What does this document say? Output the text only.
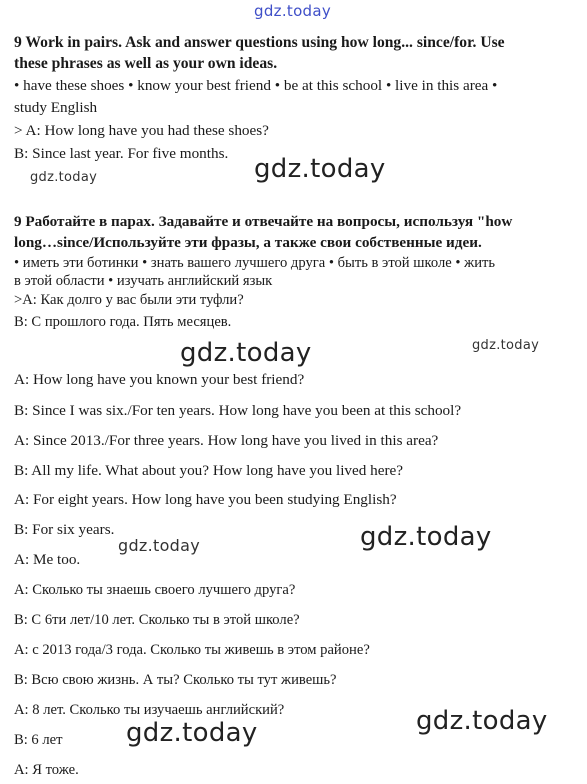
gdz.today
gdz.today	gdz.today
gdz.today	gdz.today
gdz.today	gdz.today
gdz.today
gdz.today
9 Work in pairs. Ask and answer questions using how long... since/for. Use
these phrases as well as your own ideas.
• have these shoes • know your best friend • be at this school • live in this area •
study English
> A: How long have you had these shoes?
B: Since last year. For five months.
9 Работайте в парах. Задавайте и отвечайте на вопросы, используя "how
long…since/Используйте эти фразы, а также свои собственные идеи.
• иметь эти ботинки • знать вашего лучшего друга • быть в этой школе • жить
в этой области • изучать английский язык
>А: Как долго у вас были эти туфли?
В: С прошлого года. Пять месяцев.
A: How long have you known your best friend?
B: Since I was six./For ten years. How long have you been at this school?
A: Since 2013./For three years. How long have you lived in this area?
B: All my life. What about you? How long have you lived here?
A: For eight years. How long have you been studying English?
B: For six years.
A: Me too.
А: Сколько ты знаешь своего лучшего друга?
В: С 6ти лет/10 лет. Сколько ты в этой школе?
А: с 2013 года/3 года. Сколько ты живешь в этом районе?
В: Всю свою жизнь. А ты? Сколько ты тут живешь?
А: 8 лет. Сколько ты изучаешь английский?
В: 6 лет
А: Я тоже.
